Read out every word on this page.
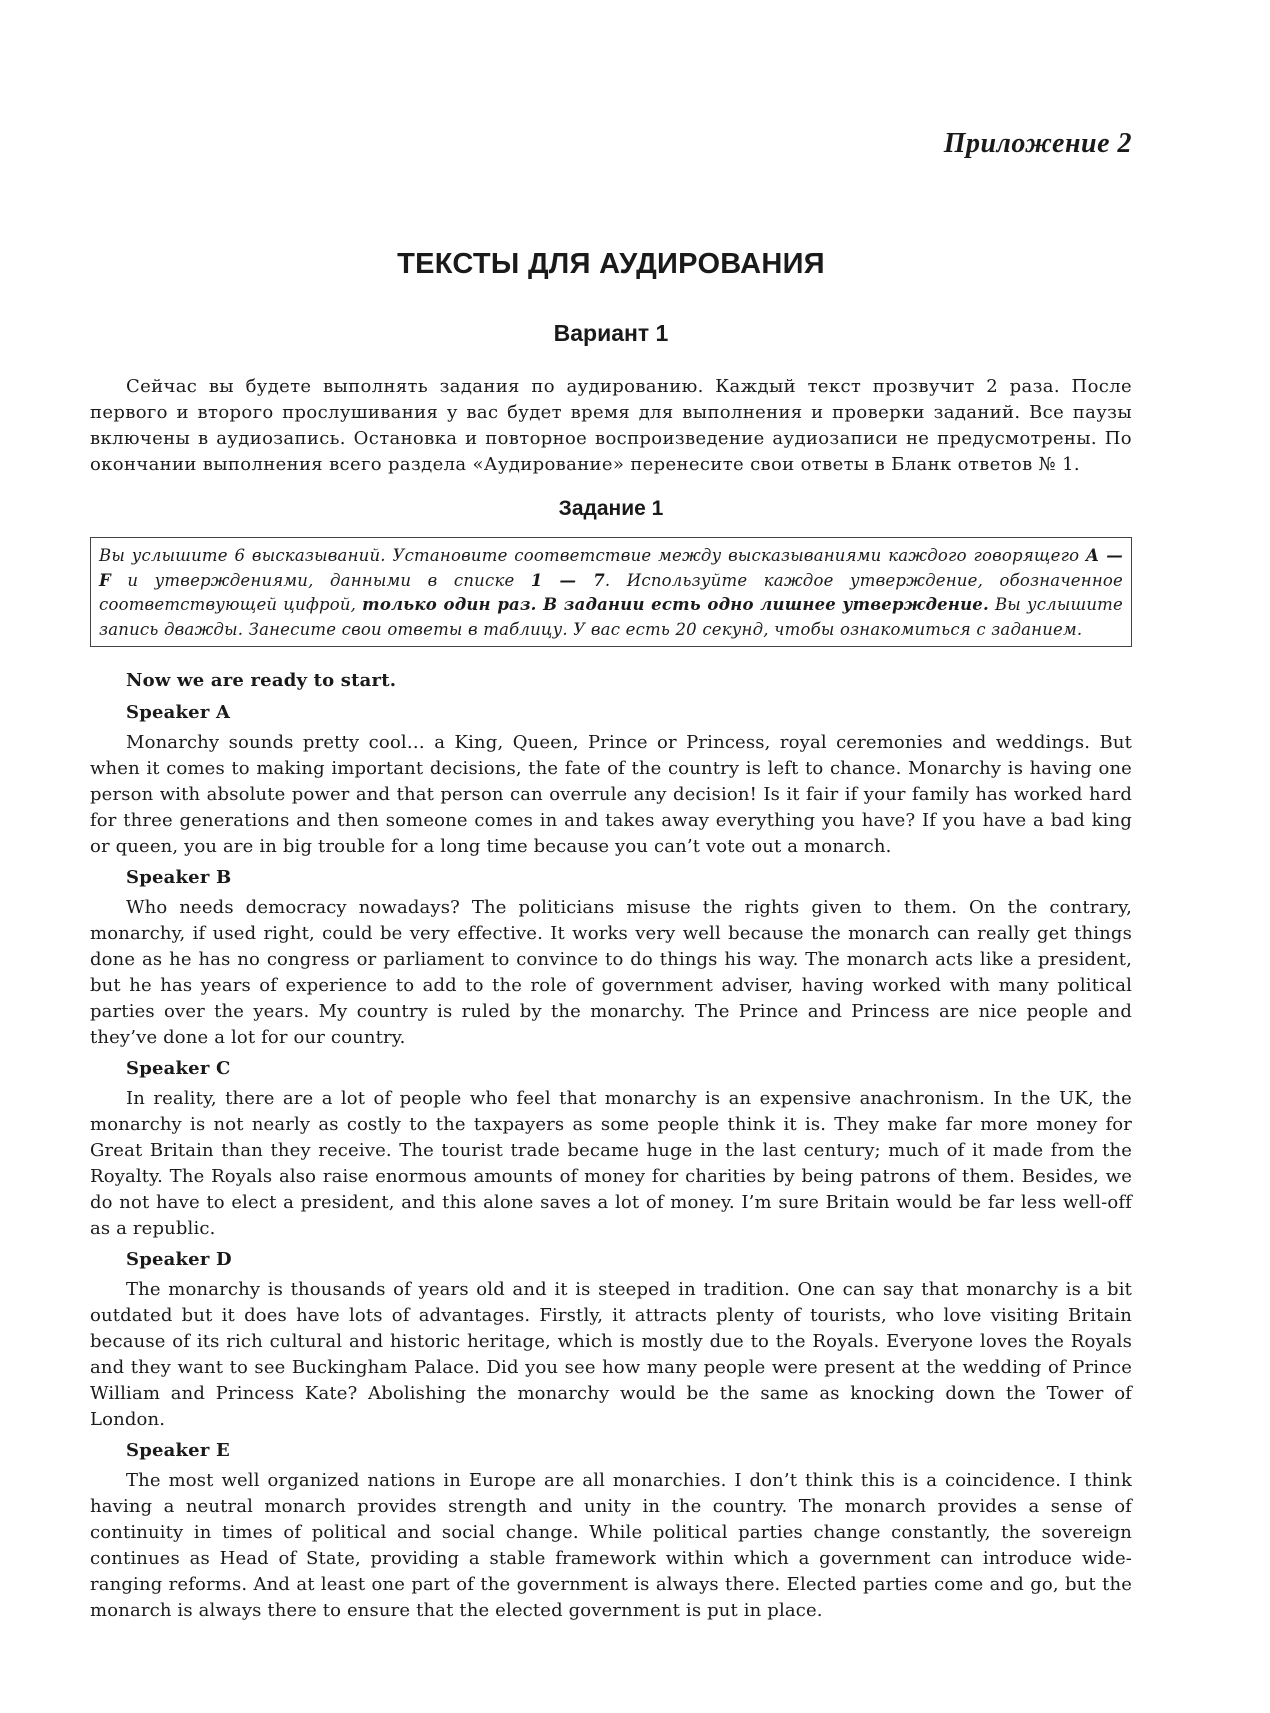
Приложение 2
ТЕКСТЫ ДЛЯ АУДИРОВАНИЯ
Вариант 1
Сейчас вы будете выполнять задания по аудированию. Каждый текст прозвучит 2 раза. После первого и второго прослушивания у вас будет время для выполнения и проверки заданий. Все паузы включены в аудиозапись. Остановка и повторное воспроизведение аудиозаписи не предусмотрены. По окончании выполнения всего раздела «Аудирование» перенесите свои ответы в Бланк ответов № 1.
Задание 1
Вы услышите 6 высказываний. Установите соответствие между высказываниями каждого говорящего A — F и утверждениями, данными в списке 1 — 7. Используйте каждое утверждение, обозначенное соответствующей цифрой, только один раз. В задании есть одно лишнее утверждение. Вы услышите запись дважды. Занесите свои ответы в таблицу. У вас есть 20 секунд, чтобы ознакомиться с заданием.

Now we are ready to start.

Speaker A

Monarchy sounds pretty cool… a King, Queen, Prince or Princess, royal ceremonies and weddings. But when it comes to making important decisions, the fate of the country is left to chance. Monarchy is having one person with absolute power and that person can overrule any decision! Is it fair if your family has worked hard for three generations and then someone comes in and takes away everything you have? If you have a bad king or queen, you are in big trouble for a long time because you can’t vote out a monarch.

Speaker B

Who needs democracy nowadays? The politicians misuse the rights given to them. On the contrary, monarchy, if used right, could be very effective. It works very well because the monarch can really get things done as he has no congress or parliament to convince to do things his way. The monarch acts like a president, but he has years of experience to add to the role of government adviser, having worked with many political parties over the years. My country is ruled by the monarchy. The Prince and Princess are nice people and they’ve done a lot for our country.

Speaker C

In reality, there are a lot of people who feel that monarchy is an expensive anachronism. In the UK, the monarchy is not nearly as costly to the taxpayers as some people think it is. They make far more money for Great Britain than they receive. The tourist trade became huge in the last century; much of it made from the Royalty. The Royals also raise enormous amounts of money for charities by being patrons of them. Besides, we do not have to elect a president, and this alone saves a lot of money. I’m sure Britain would be far less well-off as a republic.

Speaker D

The monarchy is thousands of years old and it is steeped in tradition. One can say that monarchy is a bit outdated but it does have lots of advantages. Firstly, it attracts plenty of tourists, who love visiting Britain because of its rich cultural and historic heritage, which is mostly due to the Royals. Everyone loves the Royals and they want to see Buckingham Palace. Did you see how many people were present at the wedding of Prince William and Princess Kate? Abolishing the monarchy would be the same as knocking down the Tower of London.

Speaker E

The most well organized nations in Europe are all monarchies. I don’t think this is a coincidence. I think having a neutral monarch provides strength and unity in the country. The monarch provides a sense of continuity in times of political and social change. While political parties change constantly, the sovereign continues as Head of State, providing a stable framework within which a government can introduce wide-ranging reforms. And at least one part of the government is always there. Elected parties come and go, but the monarch is always there to ensure that the elected government is put in place.
